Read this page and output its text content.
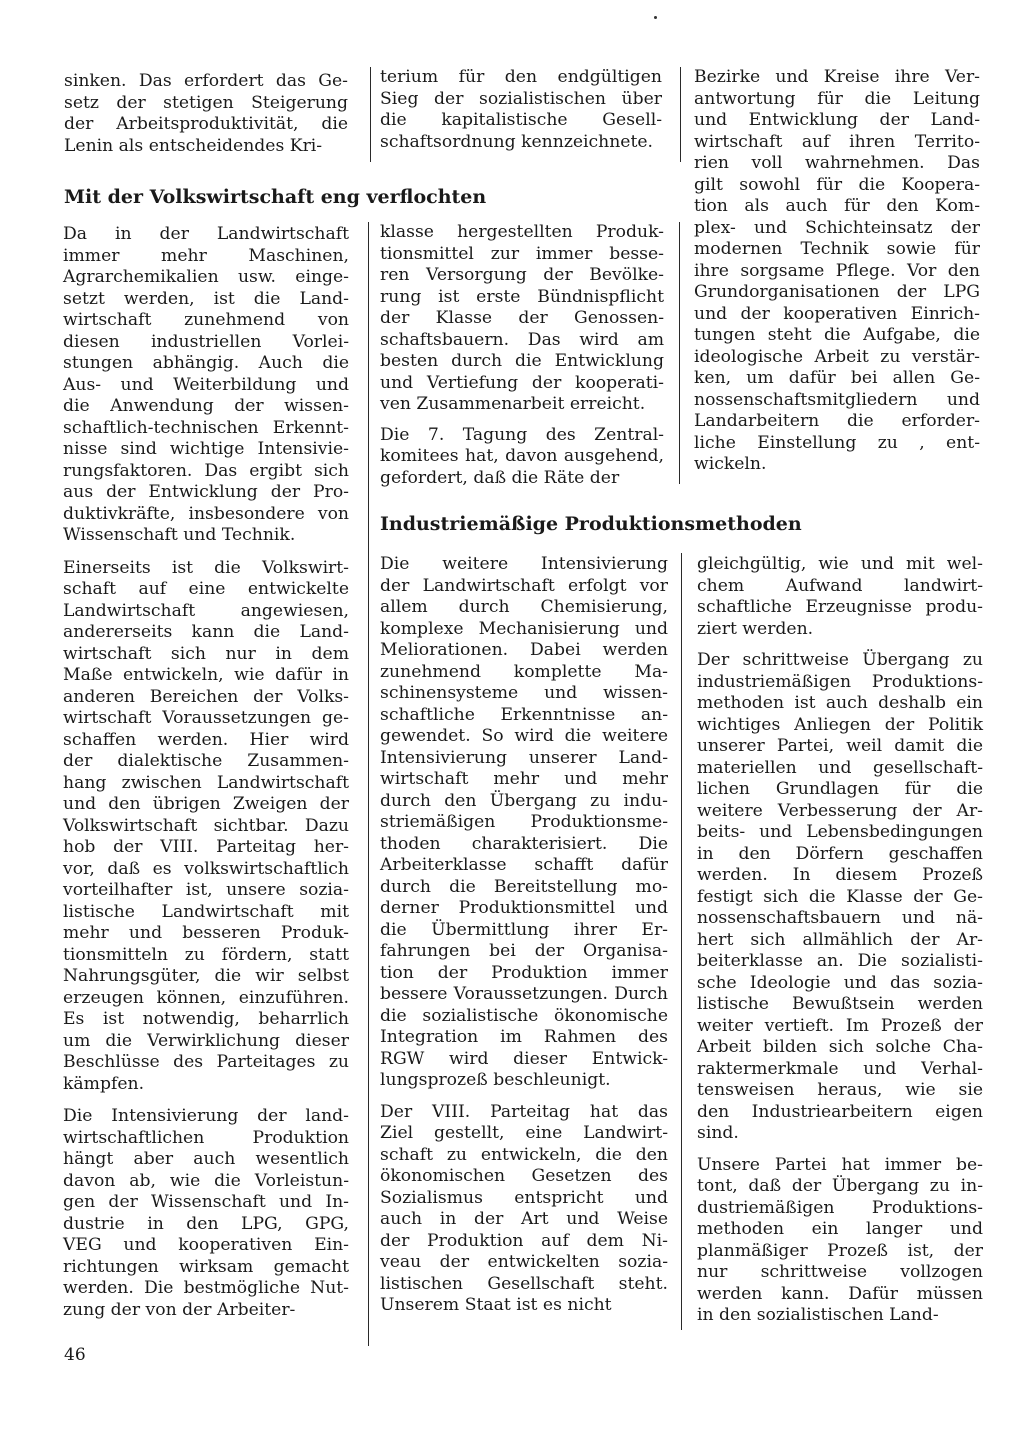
sinken. Das erfordert das Ge-
setz der stetigen Steigerung
der Arbeitsproduktivität, die
Lenin als entscheidendes Kri-

terium für den endgültigen
Sieg der sozialistischen über
die kapitalistische Gesell-
schaftsordnung kennzeichnete.

Bezirke und Kreise ihre Ver-
antwortung für die Leitung
und Entwicklung der Land-
wirtschaft auf ihren Territo-
rien voll wahrnehmen. Das
gilt sowohl für die Koopera-
tion als auch für den Kom-
plex- und Schichteinsatz der
modernen Technik sowie für
ihre sorgsame Pflege. Vor den
Grundorganisationen der LPG
und der kooperativen Einrich-
tungen steht die Aufgabe, die
ideologische Arbeit zu verstär-
ken, um dafür bei allen Ge-
nossenschaftsmitgliedern und
Landarbeitern die erforder-
liche Einstellung zu , ent-
wickeln.

Mit der Volkswirtschaft eng verflochten

Da in der Landwirtschaft
immer mehr Maschinen,
Agrarchemikalien usw. einge-
setzt werden, ist die Land-
wirtschaft zunehmend von
diesen industriellen Vorlei-
stungen abhängig. Auch die
Aus- und Weiterbildung und
die Anwendung der wissen-
schaftlich-technischen Erkennt-
nisse sind wichtige Intensivie-
rungsfaktoren. Das ergibt sich
aus der Entwicklung der Pro-
duktivkräfte, insbesondere von
Wissenschaft und Technik.

Einerseits ist die Volkswirt-
schaft auf eine entwickelte
Landwirtschaft angewiesen,
andererseits kann die Land-
wirtschaft sich nur in dem
Maße entwickeln, wie dafür in
anderen Bereichen der Volks-
wirtschaft Voraussetzungen ge-
schaffen werden. Hier wird
der dialektische Zusammen-
hang zwischen Landwirtschaft
und den übrigen Zweigen der
Volkswirtschaft sichtbar. Dazu
hob der VIII. Parteitag her-
vor, daß es volkswirtschaftlich
vorteilhafter ist, unsere sozia-
listische Landwirtschaft mit
mehr und besseren Produk-
tionsmitteln zu fördern, statt
Nahrungsgüter, die wir selbst
erzeugen können, einzuführen.
Es ist notwendig, beharrlich
um die Verwirklichung dieser
Beschlüsse des Parteitages zu
kämpfen.

Die Intensivierung der land-
wirtschaftlichen Produktion
hängt aber auch wesentlich
davon ab, wie die Vorleistun-
gen der Wissenschaft und In-
dustrie in den LPG, GPG,
VEG und kooperativen Ein-
richtungen wirksam gemacht
werden. Die bestmögliche Nut-
zung der von der Arbeiter-

klasse hergestellten Produk-
tionsmittel zur immer besse-
ren Versorgung der Bevölke-
rung ist erste Bündnispflicht
der Klasse der Genossen-
schaftsbauern. Das wird am
besten durch die Entwicklung
und Vertiefung der kooperati-
ven Zusammenarbeit erreicht.

Die 7. Tagung des Zentral-
komitees hat, davon ausgehend,
gefordert, daß die Räte der

Industriemäßige Produktionsmethoden

Die weitere Intensivierung
der Landwirtschaft erfolgt vor
allem durch Chemisierung,
komplexe Mechanisierung und
Meliorationen. Dabei werden
zunehmend komplette Ma-
schinensysteme und wissen-
schaftliche Erkenntnisse an-
gewendet. So wird die weitere
Intensivierung unserer Land-
wirtschaft mehr und mehr
durch den Übergang zu indu-
striemäßigen Produktionsme-
thoden charakterisiert. Die
Arbeiterklasse schafft dafür
durch die Bereitstellung mo-
derner Produktionsmittel und
die Übermittlung ihrer Er-
fahrungen bei der Organisa-
tion der Produktion immer
bessere Voraussetzungen. Durch
die sozialistische ökonomische
Integration im Rahmen des
RGW wird dieser Entwick-
lungsprozeß beschleunigt.

Der VIII. Parteitag hat das
Ziel gestellt, eine Landwirt-
schaft zu entwickeln, die den
ökonomischen Gesetzen des
Sozialismus entspricht und
auch in der Art und Weise
der Produktion auf dem Ni-
veau der entwickelten sozia-
listischen Gesellschaft steht.
Unserem Staat ist es nicht

gleichgültig, wie und mit wel-
chem Aufwand landwirt-
schaftliche Erzeugnisse produ-
ziert werden.

Der schrittweise Übergang zu
industriemäßigen Produktions-
methoden ist auch deshalb ein
wichtiges Anliegen der Politik
unserer Partei, weil damit die
materiellen und gesellschaft-
lichen Grundlagen für die
weitere Verbesserung der Ar-
beits- und Lebensbedingungen
in den Dörfern geschaffen
werden. In diesem Prozeß
festigt sich die Klasse der Ge-
nossenschaftsbauern und nä-
hert sich allmählich der Ar-
beiterklasse an. Die sozialisti-
sche Ideologie und das sozia-
listische Bewußtsein werden
weiter vertieft. Im Prozeß der
Arbeit bilden sich solche Cha-
raktermerkmale und Verhal-
tensweisen heraus, wie sie
den Industriearbeitern eigen
sind.

Unsere Partei hat immer be-
tont, daß der Übergang zu in-
dustriemäßigen Produktions-
methoden ein langer und
planmäßiger Prozeß ist, der
nur schrittweise vollzogen
werden kann. Dafür müssen
in den sozialistischen Land-

46
